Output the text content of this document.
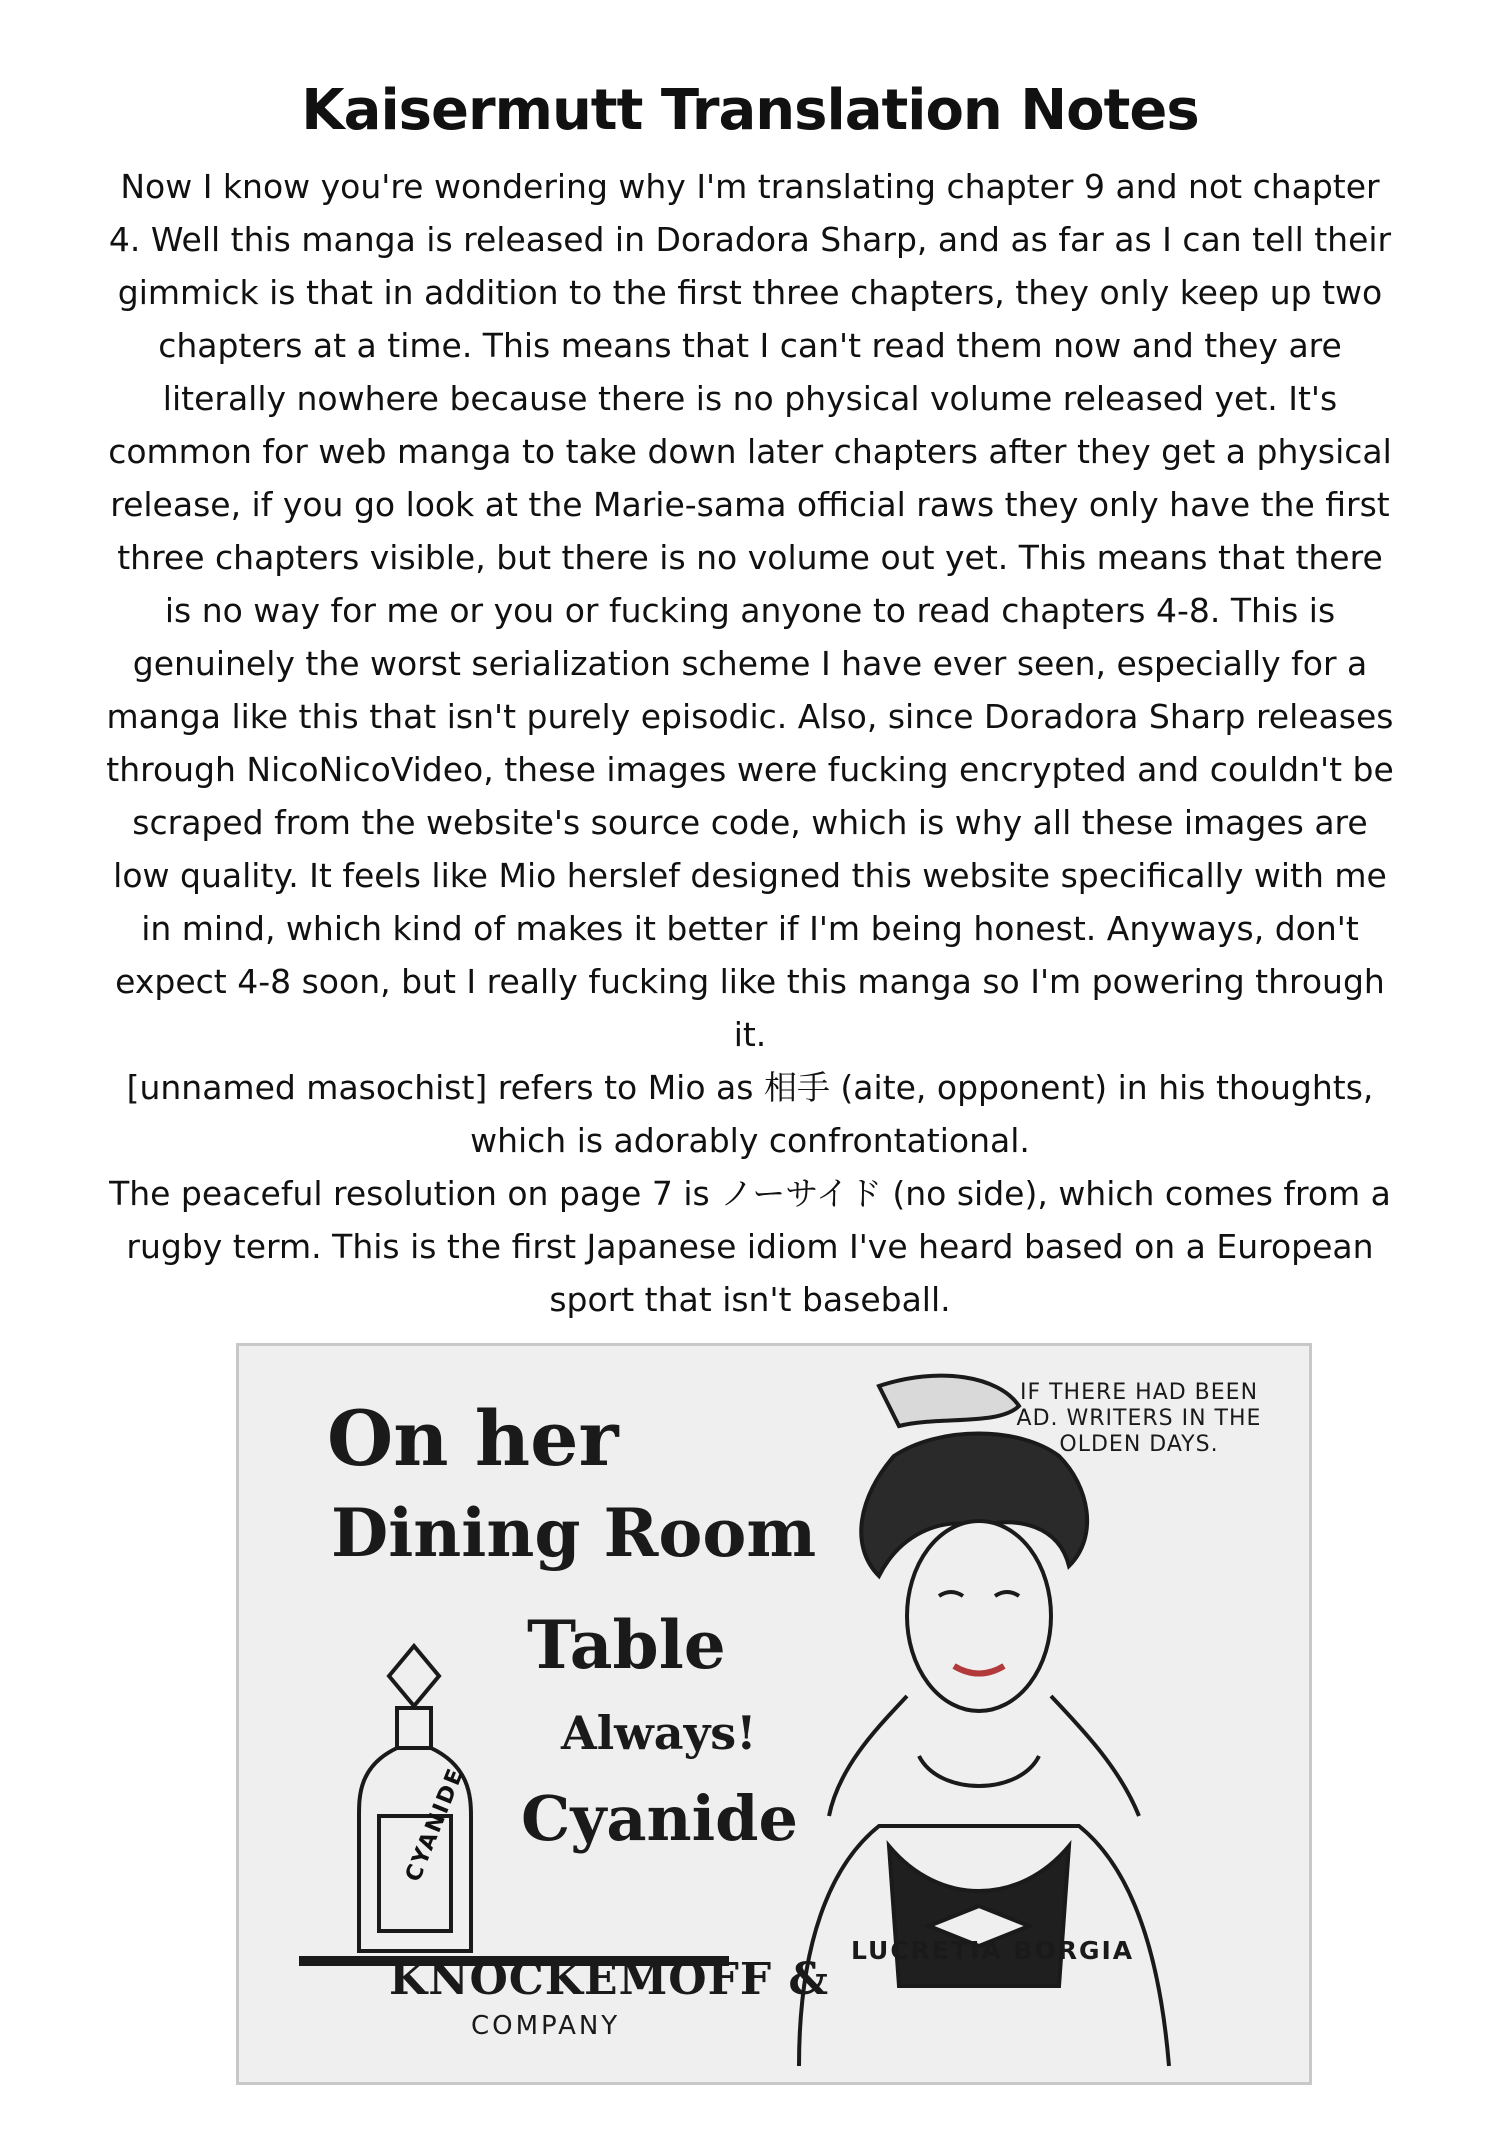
Kaisermutt Translation Notes

Now I know you're wondering why I'm translating chapter 9 and not chapter 4. Well this manga is released in Doradora Sharp, and as far as I can tell their gimmick is that in addition to the first three chapters, they only keep up two chapters at a time. This means that I can't read them now and they are literally nowhere because there is no physical volume released yet. It's common for web manga to take down later chapters after they get a physical release, if you go look at the Marie-sama official raws they only have the first three chapters visible, but there is no volume out yet. This means that there is no way for me or you or fucking anyone to read chapters 4-8. This is genuinely the worst serialization scheme I have ever seen, especially for a manga like this that isn't purely episodic. Also, since Doradora Sharp releases through NicoNicoVideo, these images were fucking encrypted and couldn't be scraped from the website's source code, which is why all these images are low quality. It feels like Mio herslef designed this website specifically with me in mind, which kind of makes it better if I'm being honest. Anyways, don't expect 4-8 soon, but I really fucking like this manga so I'm powering through it.

[unnamed masochist] refers to Mio as 相手 (aite, opponent) in his thoughts, which is adorably confrontational.

The peaceful resolution on page 7 is ノーサイド (no side), which comes from a rugby term. This is the first Japanese idiom I've heard based on a European sport that isn't baseball.

On her
Dining Room
Table
Always!
Cyanide
CYANIDE
IF THERE HAD BEEN AD. WRITERS IN THE OLDEN DAYS.
KNOCKEMOFF &
COMPANY
LUCRETIA BORGIA
